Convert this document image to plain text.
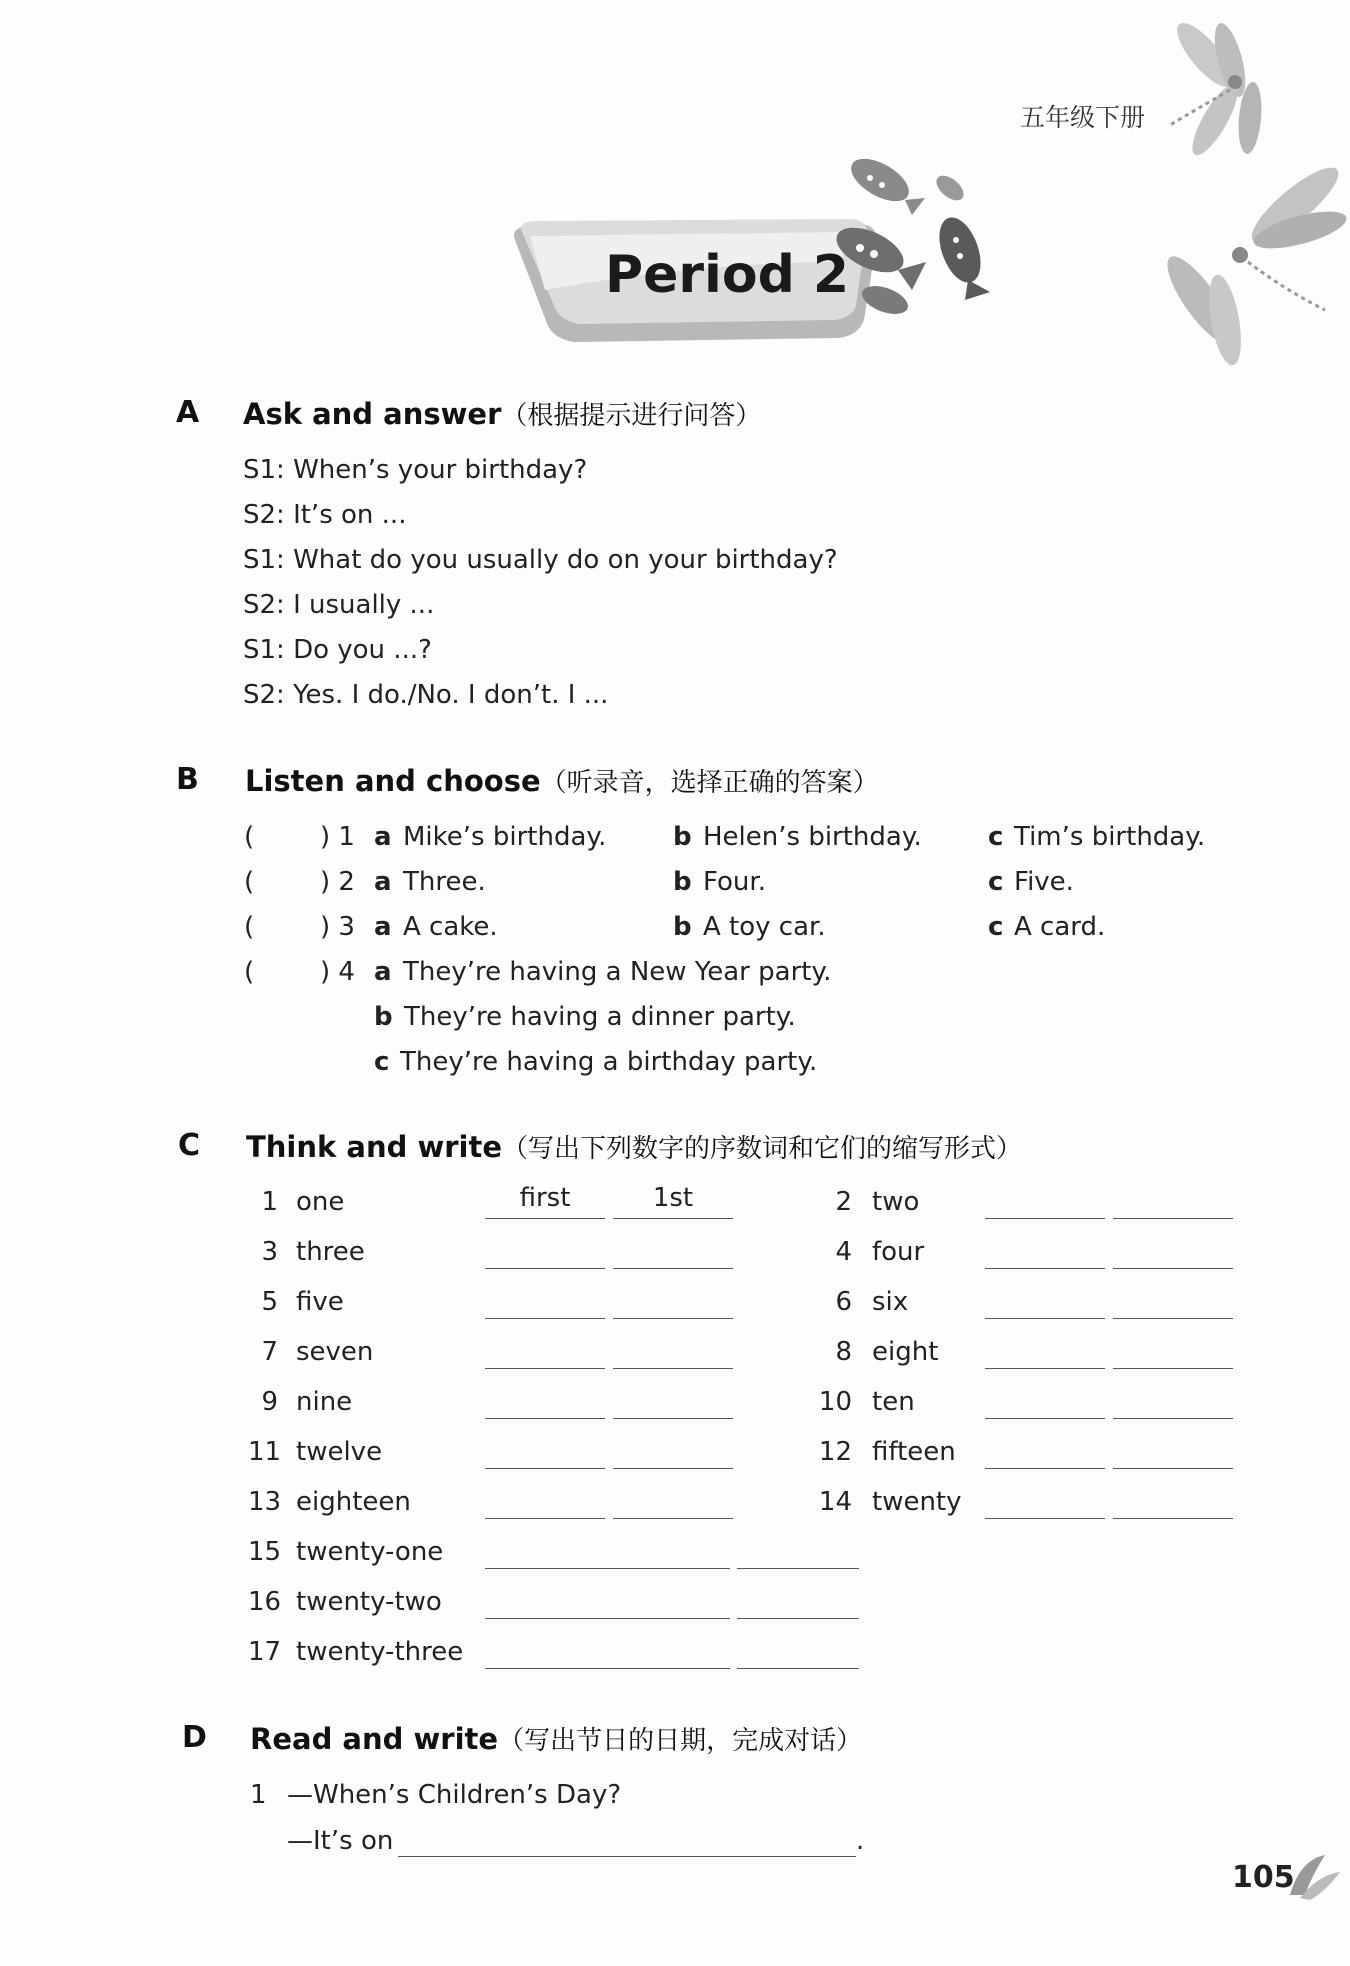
五年级下册
Period 2
A Ask and answer（根据提示进行问答）
S1: When’s your birthday?
S2: It’s on ...
S1: What do you usually do on your birthday?
S2: I usually ...
S1: Do you ...?
S2: Yes. I do./No. I don’t. I ...
B Listen and choose（听录音，选择正确的答案）
(	) 1 a Mike’s birthday.	b Helen’s birthday.	c Tim’s birthday.
(	) 2 a Three.	b Four.	c Five.
(	) 3 a A cake.	b A toy car.	c A card.
(	) 4 a They’re having a New Year party.
b They’re having a dinner party.
c They’re having a birthday party.
C Think and write（写出下列数字的序数词和它们的缩写形式）
1 one	first	1st
3 three
5 five
7 seven
9 nine
11 twelve
13 eighteen
15 twenty-one
16 twenty-two
17 twenty-three
2 two
4 four
6 six
8 eight
10 ten
12 fifteen
14 twenty
D Read and write（写出节日的日期，完成对话）
1 —When’s Children’s Day?
—It’s on	.
105
